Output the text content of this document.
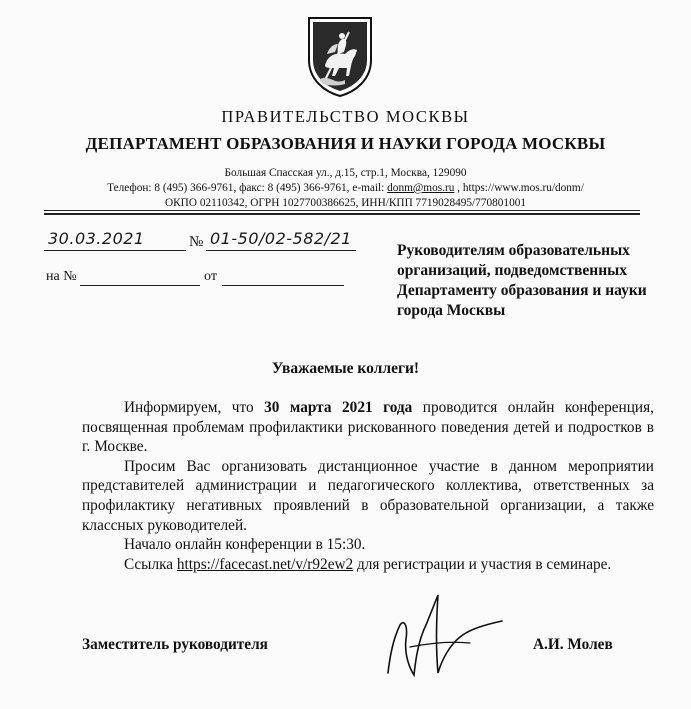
ПРАВИТЕЛЬСТВО МОСКВЫ
ДЕПАРТАМЕНТ ОБРАЗОВАНИЯ И НАУКИ ГОРОДА МОСКВЫ
Большая Спасская ул., д.15, стр.1, Москва, 129090
Телефон: 8 (495) 366-9761, факс: 8 (495) 366-9761, e-mail: donm@mos.ru , https://www.mos.ru/donm/
ОКПО 02110342, ОГРН 1027700386625, ИНН/КПП 7719028495/770801001
30.03.2021	№ 01-50/02-582/21
на №	от
Руководителям образовательных организаций, подведомственных Департаменту образования и науки города Москвы
Уважаемые коллеги!

Информируем, что 30 марта 2021 года проводится онлайн конференция, посвященная проблемам профилактики рискованного поведения детей и подростков в г. Москве.

Просим Вас организовать дистанционное участие в данном мероприятии представителей администрации и педагогического коллектива, ответственных за профилактику негативных проявлений в образовательной организации, а также классных руководителей.

Начало онлайн конференции в 15:30.

Ссылка https://facecast.net/v/r92ew2 для регистрации и участия в семинаре.

Заместитель руководителя	А.И. Молев
